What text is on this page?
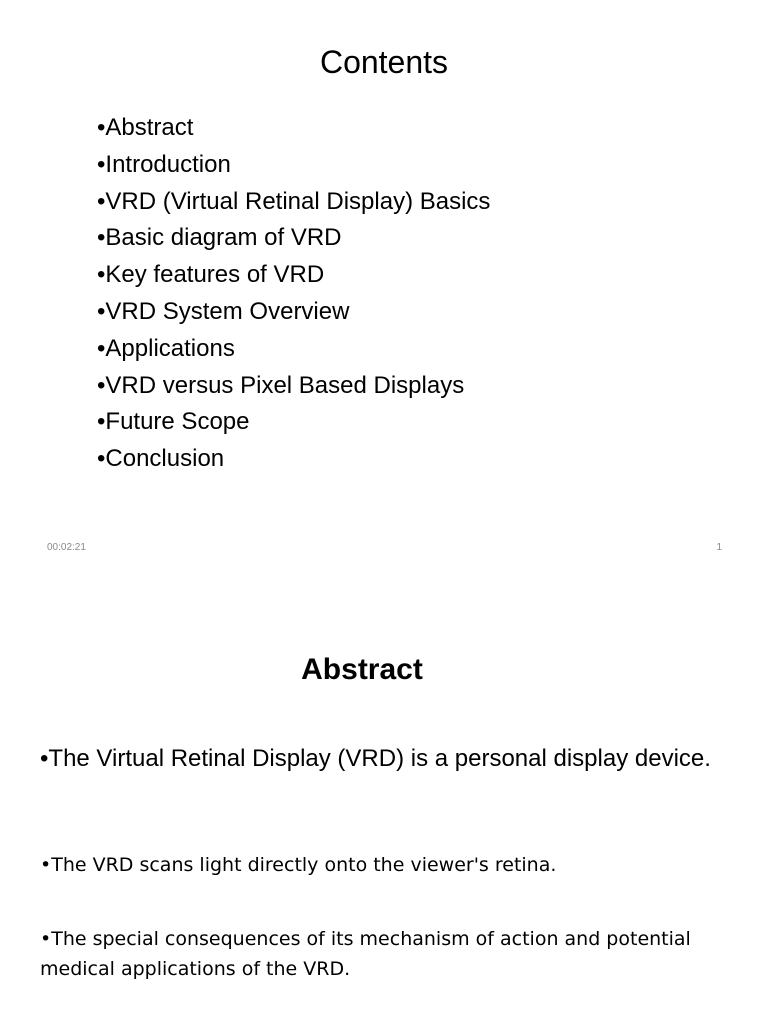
Contents
•Abstract
•Introduction
•VRD (Virtual Retinal Display) Basics
•Basic diagram of VRD
•Key features of VRD
•VRD System Overview
•Applications
•VRD versus Pixel Based Displays
•Future Scope
•Conclusion
00:02:21	1
Abstract

•The Virtual Retinal Display (VRD) is a personal display device.

•The VRD scans light directly onto the viewer's retina.

•The special consequences of its mechanism of action and potential medical applications of the VRD.
